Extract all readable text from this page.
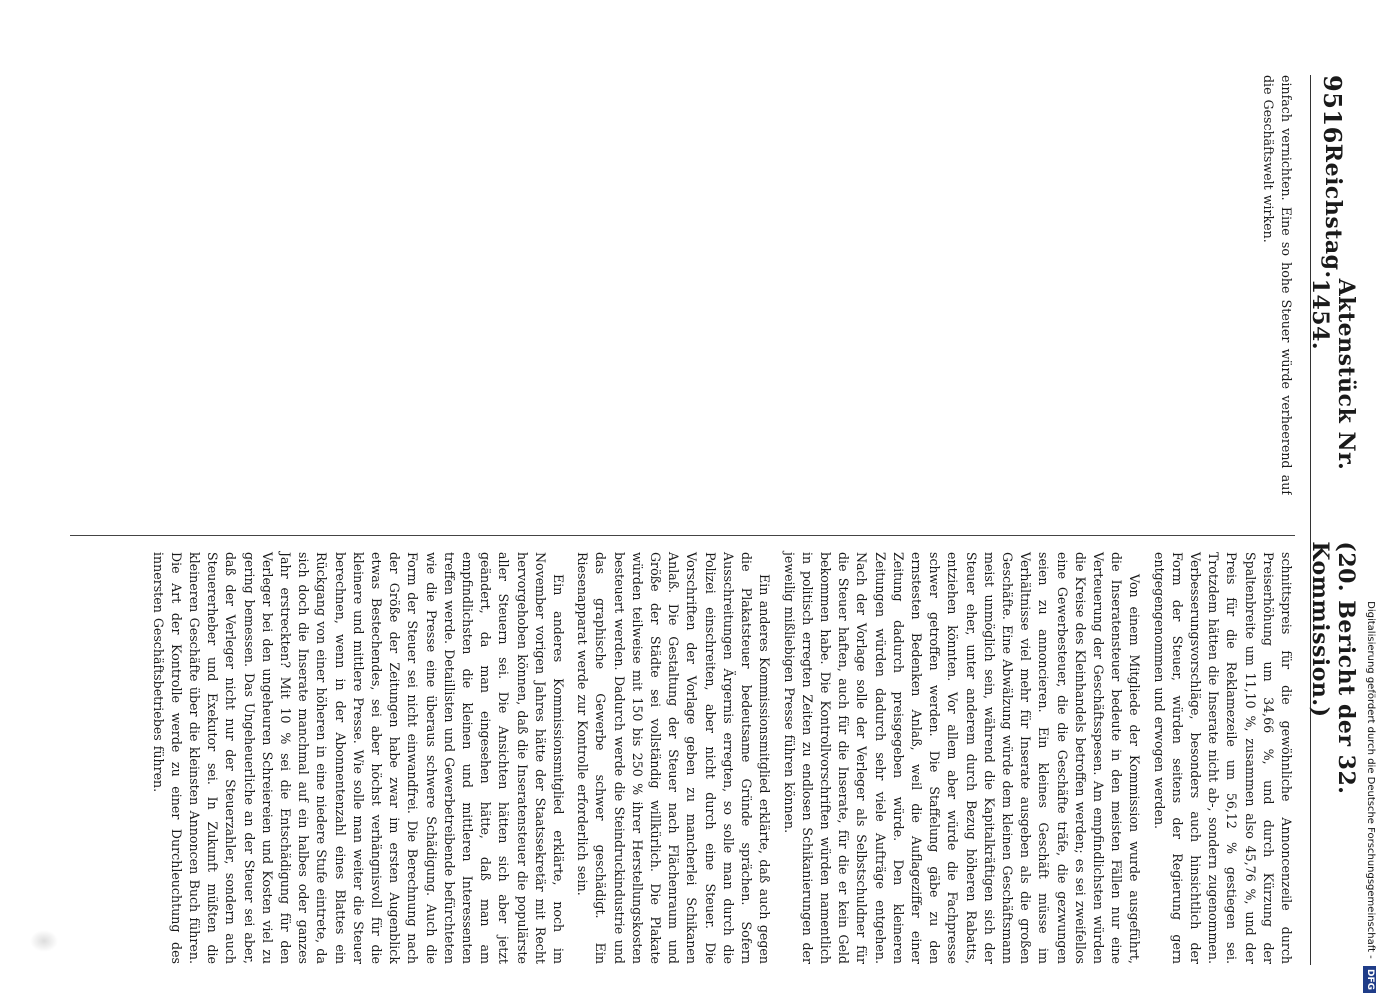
9516
Reichstag.
Aktenstück Nr. 1454.
(20. Bericht der 32. Kommission.)

einfach vernichten. Eine so hohe Steuer würde verheerend auf die Geschäftswelt wirken.

schnittspreis für die gewöhnliche Annoncenzeile durch Preiserhöhung um 34,66 %, und durch Kürzung der Spaltenbreite um 11,10 %, zusammen also 45,76 %, und der Preis für die Reklamezeile um 56,12 % gestiegen sei. Trotzdem hätten die Inserate nicht ab-, sondern zugenommen. Verbesserungsvorschläge, besonders auch hinsichtlich der Form der Steuer, würden seitens der Regierung gern entgegengenommen und erwogen werden.

Von einem Mitgliede der Kommission wurde ausgeführt, die Inseratensteuer bedeute in den meisten Fällen nur eine Verteuerung der Geschäftsspesen. Am empfindlichsten würden die Kreise des Kleinhandels betroffen werden; es sei zweifellos eine Gewerbesteuer, die die Geschäfte träfe, die gezwungen seien zu annoncieren. Ein kleines Geschäft müsse im Verhältnisse viel mehr für Inserate ausgeben als die großen Geschäfte. Eine Abwälzung würde dem kleinen Geschäftsmann meist unmöglich sein, während die Kapitalkräftigen sich der Steuer eher, unter anderem durch Bezug höheren Rabatts, entziehen könnten. Vor allem aber würde die Fachpresse schwer getroffen werden. Die Staffelung gäbe zu den ernstesten Bedenken Anlaß, weil die Auflageziffer einer Zeitung dadurch preisgegeben würde. Den kleineren Zeitungen würden dadurch sehr viele Aufträge entgehen. Nach der Vorlage solle der Verleger als Selbstschuldner für die Steuer haften, auch für die Inserate, für die er kein Geld bekommen habe. Die Kontrollvorschriften würden namentlich in politisch erregten Zeiten zu endlosen Schikanierungen der jeweilig mißliebigen Presse führen können.

Ein anderes Kommissionsmitglied erklärte, daß auch gegen die Plakatsteuer bedeutsame Gründe sprächen. Sofern Ausschreitungen Ärgernis erregten, so solle man durch die Polizei einschreiten, aber nicht durch eine Steuer. Die Vorschriften der Vorlage geben zu mancherlei Schikanen Anlaß. Die Gestaltung der Steuer nach Flächenraum und Größe der Städte sei vollständig willkürlich. Die Plakate würden teilweise mit 150 bis 250 % ihrer Herstellungskosten besteuert werden. Dadurch werde die Steindruckindustrie und das graphische Gewerbe schwer geschädigt. Ein Riesenapparat werde zur Kontrolle erforderlich sein.

Ein anderes Kommissionsmitglied erklärte, noch im November vorigen Jahres hätte der Staatssekretär mit Recht hervorgehoben können, daß die Inseratensteuer die populärste aller Steuern sei. Die Ansichten hätten sich aber jetzt geändert, da man eingesehen hätte, daß man am empfindlichsten die kleinen und mittleren Interessenten treffen werde. Detaillisten und Gewerbetreibende befürchteten wie die Presse eine überaus schwere Schädigung. Auch die Form der Steuer sei nicht einwandfrei. Die Berechnung nach der Größe der Zeitungen habe zwar im ersten Augenblick etwas Bestechendes, sei aber höchst verhängnisvoll für die kleinere und mittlere Presse. Wie solle man weiter die Steuer berechnen, wenn in der Abonnentenzahl eines Blattes ein Rückgang von einer höheren in eine niedere Stufe eintrete, da sich doch die Inserate manchmal auf ein halbes oder ganzes Jahr erstreckten? Mit 10 % sei die Entschädigung für den Verleger bei den ungeheuren Schreiereien und Kosten viel zu gering bemessen. Das Ungeheuerliche an der Steuer sei aber, daß der Verleger nicht nur der Steuerzahler, sondern auch Steuererheber und Exekutor sei. In Zukunft müßten die kleineren Geschäfte über die kleinsten Annoncen Buch führen. Die Art der Kontrolle werde zu einer Durchleuchtung des innersten Geschäftsbetriebes führen.	Digitalisierung gefördert durch die Deutsche Forschungsgemeinschaft - DFG
